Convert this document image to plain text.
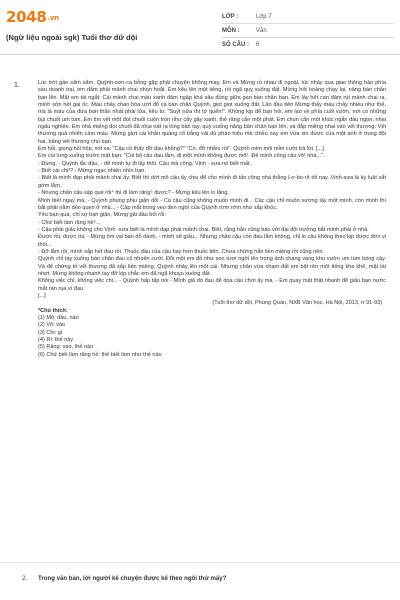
2048.vn
(Ngữ liệu ngoài sgk) Tuổi thơ dữ dội
LỚP :	Lớp 7
MÔN :	Văn
SỐ CÂU :	6
1.	Lúc trời gần sẩm sẩm, Quỳnh-sơn-ca bỗng gặp phải chuyện không may. Em và Mừng rủ nhau đi ngoài, lúc nhảy qua giao thông hào phía sau doanh trại, em dẫm phải mảnh chai nhọn hoắt. Em kêu lên một tiếng, rồi ngã quỵ xuống đất. Mừng hốt hoảng chạy lại, nâng bàn chân bạn lên. Mặt em tái ngắt: Cái mảnh chai màu xanh đâm ngập khá sâu đúng giữa gan bàn chân bạn. Em lấy hết can đảm rút mảnh chai ra, mình sởn hết gai ốc. Máu chảy chan hòa ướt đỏ cả bàn chân Quỳnh, giọt giọt xuống đất. Lần đầu tiên Mừng thấy máu chảy nhiều như thế, mà là máu của đứa bạn thân nhất phải lửa, kêu to: "Suýt nữa thì tớ quên!". Khóng kịp để bạn hỏi, em lao về phía cuối vườn, nơi có những bụi chuối um tùm. Em tìm vết một đọt chuối cuộn tròn như cây gậy xanh, thẻ răng cắn một phát. Em chọn cẩn một khúc ngắn đầu ngọn, nhai ngấu nghiến. Em nhả miếng đọt chuối đã nhai nát ra lòng bàn tay, quỳ xuống nâng bàn chân bạn lên, và đắp miếng nhai vào vết thương. Vết thương quả nhiên cầm máu. Mừng giựt cái khăn quàng cổ bằng vải dù pháo hiệu mà chiều nay em vừa xin được của một anh ở trung đội hai, băng vết thương cho bạn.

Em hỏi, giọng hỏi hộp, xót xa: "Cậu có thấy đỡ đau không?" "Có, đỡ nhiều rồi". Quỳnh mím môi mỉm cười trả lời. [...]

Em cúi lưng xuống trước mặt bạn: "Coi bộ cậu đau lắm, đi một mình không được mô¹. Để mình cõng cậu vô² nhà...".

- Đừng, - Quỳnh lắc đầu, - để mình tự đi lấy thôi. Cậu mà cõng, Vịnh - sưa nó biết mất.

- Biết cái chi³? - Mừng ngạc nhiên nhìn bạn.

- Biết là mình đạp phải mảnh chai ấy. Biết thì dớt mô cậu ấy chịu để cho mình đi tấn công nhà thằng Lơ-bo-rít tối nay. Vịnh-sưa là kỷ luật sắt gớm lắm.

- Nhưng chân cậu sập què rồi⁴ thì đi làm răng⁵ được? - Mừng kêu lên lo lắng.

Mình biết ngay mà, - Quỳnh phụng phịu giận dỗi - Cả cậu cũng không muốn mình đi... Các cậu chỉ muốn sướng lấy một mình, còn mình thì bắt phải nằm đèo queo ở nhà... - Cặp mắt trong veo đen ngời của Quỳnh rơm rớm như sắp khóc.

Yêu bạn quá, chỉ sợ bạn giận, Mừng gãi đầu bối rối:

- Chứ biết làm răng hề⁶...

- Cậu phải giấu không cho Vịnh -sưa biết là mình đạp phải mảnh chai. Biết, rằng hắn cũng bảo với đại đội trưởng bắt mình phải ở nhà.

Được rồi, được rồi, - Mừng ôm vai bạn dỗ dành, - mình sẽ giấu... Nhưng chân cậu còn đau lắm không, chỉ lo cậu không theo kịp được đơn vị thôi...

- Đỡ lắm rồi, mình sắp hết đau rồi. Thuốc đầu của cậu hay hơn thuốc tiên. Chưa chừng hắn liền miệng rồi cũng nên.

Quỳnh chỉ tay xuống bàn chân đau cố nhoẻn cười. Đôi môi em đỏ như son tươi ngời lên trong ánh chạng vạng khu vườn um tùm bóng cây. Và để chứng tỏ vết thương đã sắp liền miệng, Quỳnh nhảy lên một cái. Nhưng chân vừa chạm đất em bật rên một tiếng khe khẽ, mặt tái nhợt. Mừng không nhanh tay đỡ kịp chắc em đã ngã khuỵu xuống đất.

Không việc chi, không việc chi... - Quỳnh hấp tấp nói - Mình giả đò đau để dọa cậu chơi ấy mà. - Em quay mặt thật nhanh để giấu bạn nước mắt ràn rụa vì đau.

[...]

(Tuổi thơ dữ dội, Phùng Quán, NXB Văn học, Hà Nội, 2013, tr 91-93)

*Chú thích:

(1) Mô: đâu, nào

(2) Vô: vào

(3) Chi: gì

(4) Rì: thế này

(5) Răng: sao, thế nào

(6) Chứ biết làm răng hề: thế biết làm như thế nào

2. Trong văn bản, lời người kể chuyện được kể theo ngôi thứ mấy?
